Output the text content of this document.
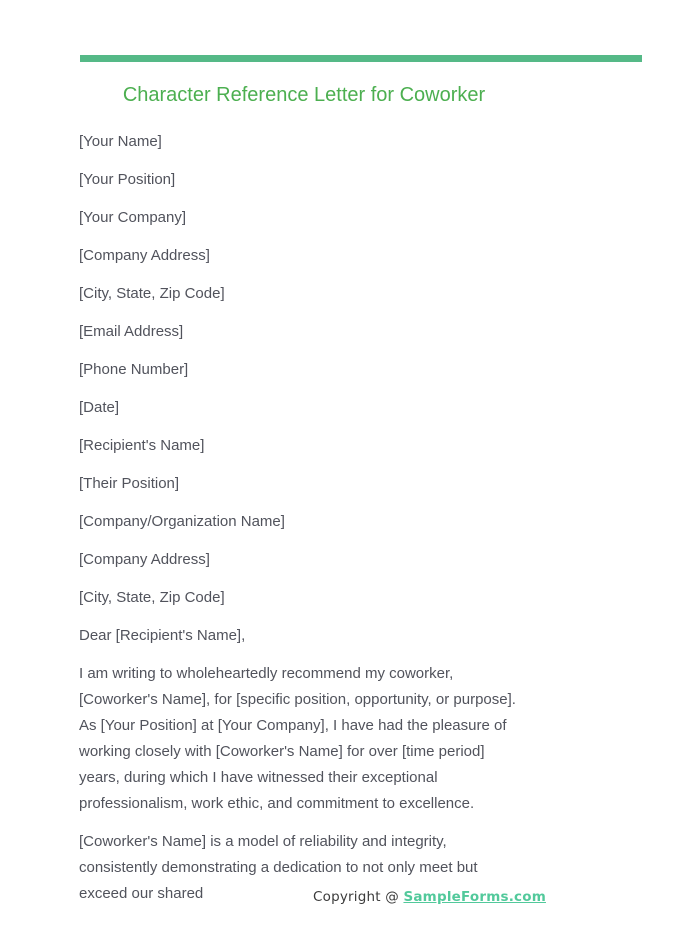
Character Reference Letter for Coworker

[Your Name]

[Your Position]

[Your Company]

[Company Address]

[City, State, Zip Code]

[Email Address]

[Phone Number]

[Date]

[Recipient's Name]

[Their Position]

[Company/Organization Name]

[Company Address]

[City, State, Zip Code]

Dear [Recipient's Name],

I am writing to wholeheartedly recommend my coworker, [Coworker's Name], for [specific position, opportunity, or purpose]. As [Your Position] at [Your Company], I have had the pleasure of working closely with [Coworker's Name] for over [time period] years, during which I have witnessed their exceptional professionalism, work ethic, and commitment to excellence.

[Coworker's Name] is a model of reliability and integrity, consistently demonstrating a dedication to not only meet but exceed our shared	Copyright @ SampleForms.com
